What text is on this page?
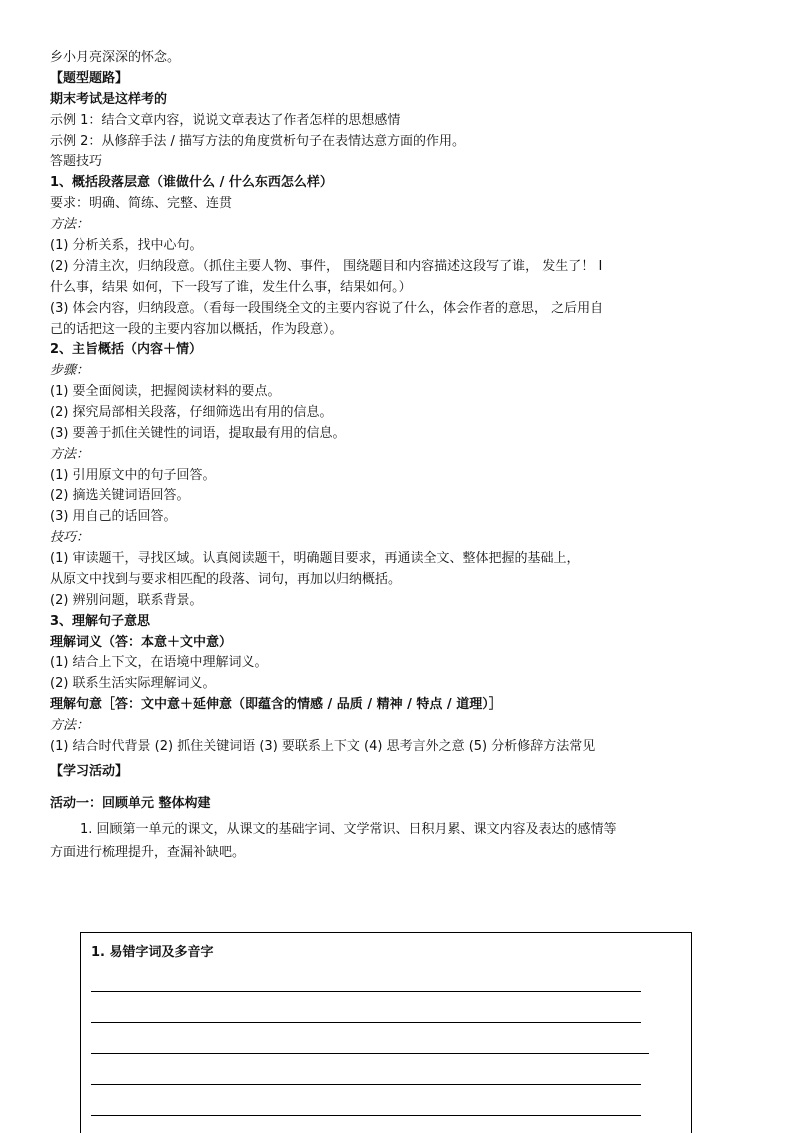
乡小月亮深深的怀念。
【题型题路】
期末考试是这样考的
示例 1：结合文章内容，说说文章表达了作者怎样的思想感情
示例 2：从修辞手法 / 描写方法的角度赏析句子在表情达意方面的作用。
答题技巧
1、概括段落层意（谁做什么 / 什么东西怎么样）
要求：明确、简练、完整、连贯
方法：
(1) 分析关系，找中心句。
(2) 分清主次，归纳段意。（抓住主要人物、事件， 围绕题目和内容描述这段写了谁， 发生了！ I
什么事，结果 如何，下一段写了谁，发生什么事，结果如何。）
(3) 体会内容，归纳段意。（看每一段围绕全文的主要内容说了什么，体会作者的意思， 之后用自
己的话把这一段的主要内容加以概括，作为段意）。
2、主旨概括（内容＋情）
步骤：
(1) 要全面阅读，把握阅读材料的要点。
(2) 探究局部相关段落，仔细筛选出有用的信息。
(3) 要善于抓住关键性的词语，提取最有用的信息。
方法：
(1) 引用原文中的句子回答。
(2) 摘选关键词语回答。
(3) 用自己的话回答。
技巧：
(1) 审读题干，寻找区域。认真阅读题干，明确题目要求，再通读全文、整体把握的基础上，
从原文中找到与要求相匹配的段落、词句，再加以归纳概括。
(2) 辨别问题，联系背景。
3、理解句子意思
理解词义（答：本意＋文中意）
(1) 结合上下文，在语境中理解词义。
(2) 联系生活实际理解词义。
理解句意［答：文中意＋延伸意（即蕴含的情感 / 品质 / 精神 / 特点 / 道理）］
方法：
(1) 结合时代背景 (2) 抓住关键词语 (3) 要联系上下文 (4) 思考言外之意 (5) 分析修辞方法常见
【学习活动】
活动一：回顾单元 整体构建
1. 回顾第一单元的课文，从课文的基础字词、文学常识、日积月累、课文内容及表达的感情等
方面进行梳理提升，查漏补缺吧。
1. 易错字词及多音字
